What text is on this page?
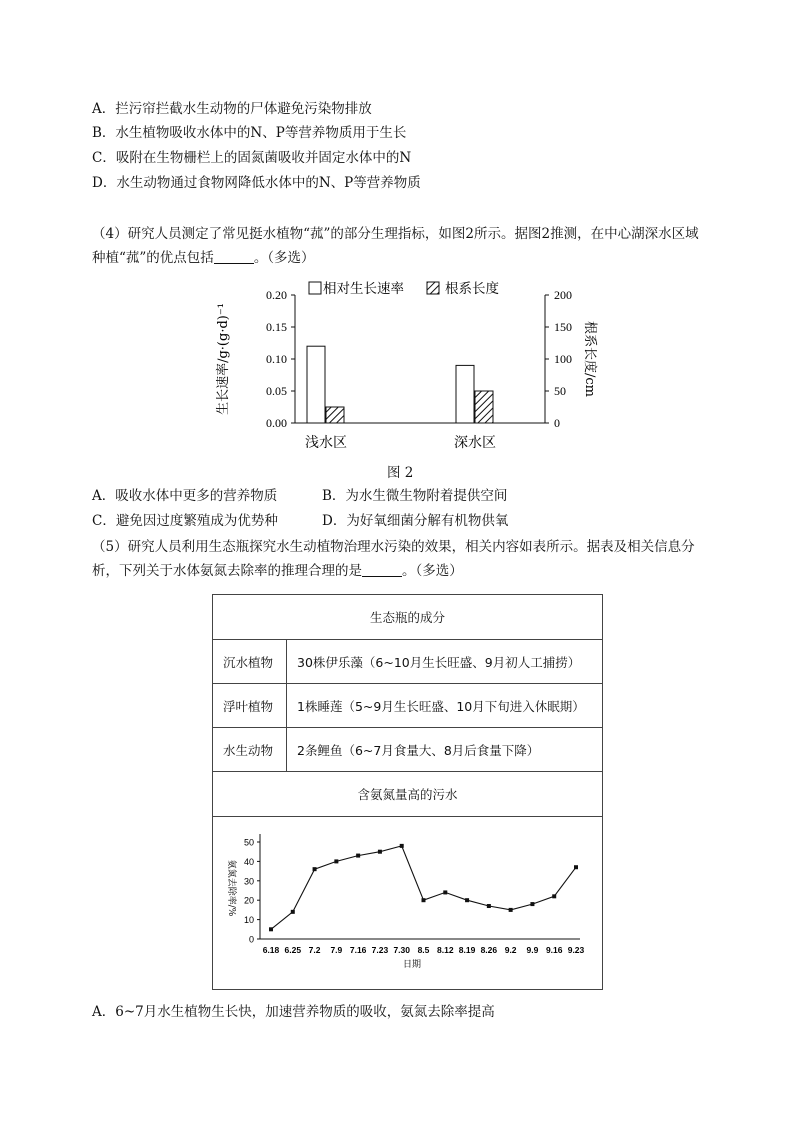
A．拦污帘拦截水生动物的尸体避免污染物排放
B．水生植物吸收水体中的N、P等营养物质用于生长
C．吸附在生物栅栏上的固氮菌吸收并固定水体中的N
D．水生动物通过食物网降低水体中的N、P等营养物质
（4）研究人员测定了常见挺水植物“菰”的部分生理指标，如图2所示。据图2推测，在中心湖深水区域种植“菰”的优点包括	。（多选）
0.00
0.05
0.10
0.15
0.20
0
50
100
150
200
生长速率/g·(g·d)⁻¹	根系长度/cm
浅水区	深水区
相对生长速率	根系长度
图 2
A．吸收水体中更多的营养物质	B．为水生微生物附着提供空间
C．避免因过度繁殖成为优势种	D．为好氧细菌分解有机物供氧
（5）研究人员利用生态瓶探究水生动植物治理水污染的效果，相关内容如表所示。据表及相关信息分析，下列关于水体氨氮去除率的推理合理的是	。（多选）
生态瓶的成分	
沉水植物	30株伊乐藻（6~10月生长旺盛、9月初人工捕捞）
浮叶植物	1株睡莲（5~9月生长旺盛、10月下旬进入休眠期）
水生动物	2条鲤鱼（6~7月食量大、8月后食量下降）
含氨氮量高的污水	

0
10
20
30
40
50
氨氮去除率/%
6.18 6.25 7.2 7.9 7.16 7.23 7.30 8.5 8.12 8.19 8.26 9.2 9.9 9.16 9.23
日期
A．6~7月水生植物生长快，加速营养物质的吸收，氨氮去除率提高
